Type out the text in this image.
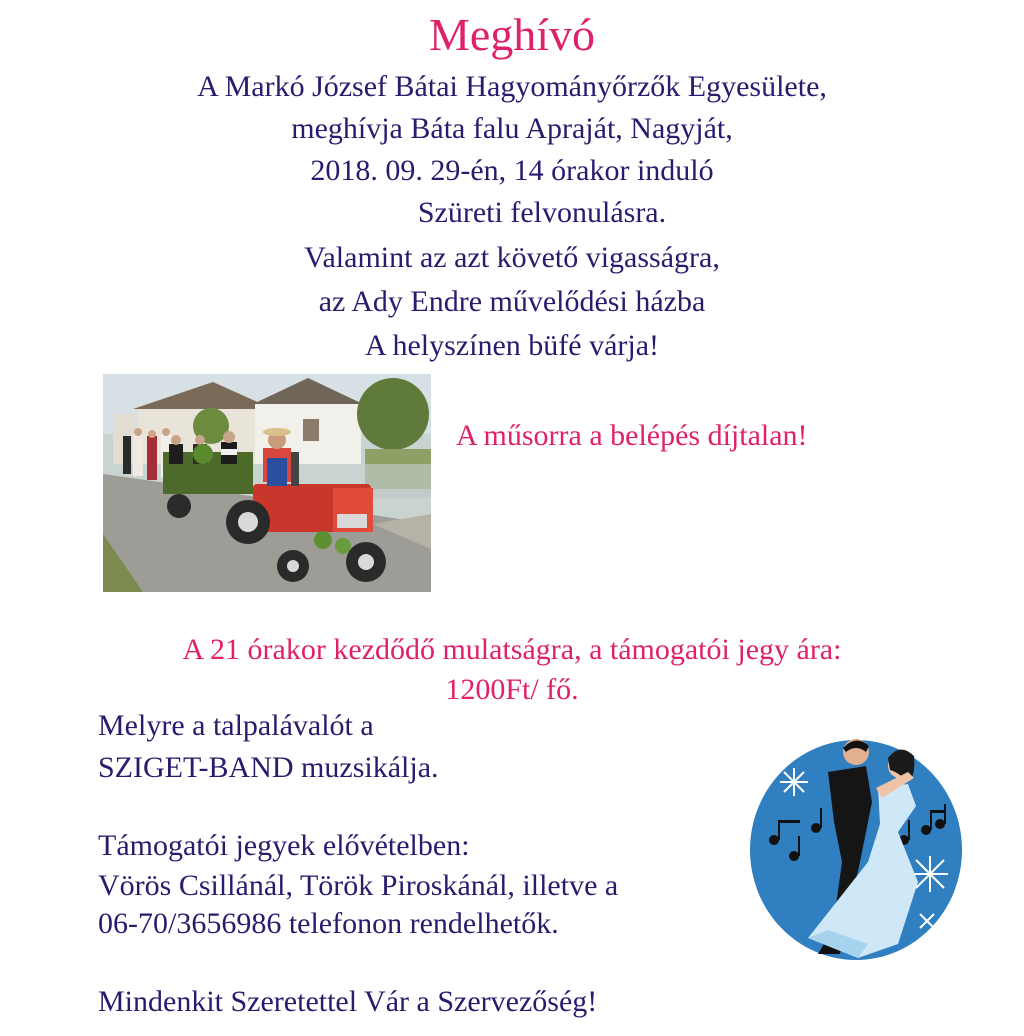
Meghívó
A Markó József Bátai Hagyományőrzők Egyesülete,
meghívja Báta falu Apraját, Nagyját,
2018. 09. 29-én, 14 órakor induló
Szüreti felvonulásra.
Valamint az azt követő vigasságra,
az Ady Endre művelődési házba
A helyszínen büfé várja!
A műsorra a belépés díjtalan!
A 21 órakor kezdődő mulatságra, a támogatói jegy ára:
1200Ft/ fő.
Melyre a talpalávalót a
SZIGET-BAND muzsikálja.
Támogatói jegyek elővételben:
Vörös Csillánál, Török Piroskánál, illetve a
06-70/3656986 telefonon rendelhetők.
Mindenkit Szeretettel Vár a Szervezőség!
